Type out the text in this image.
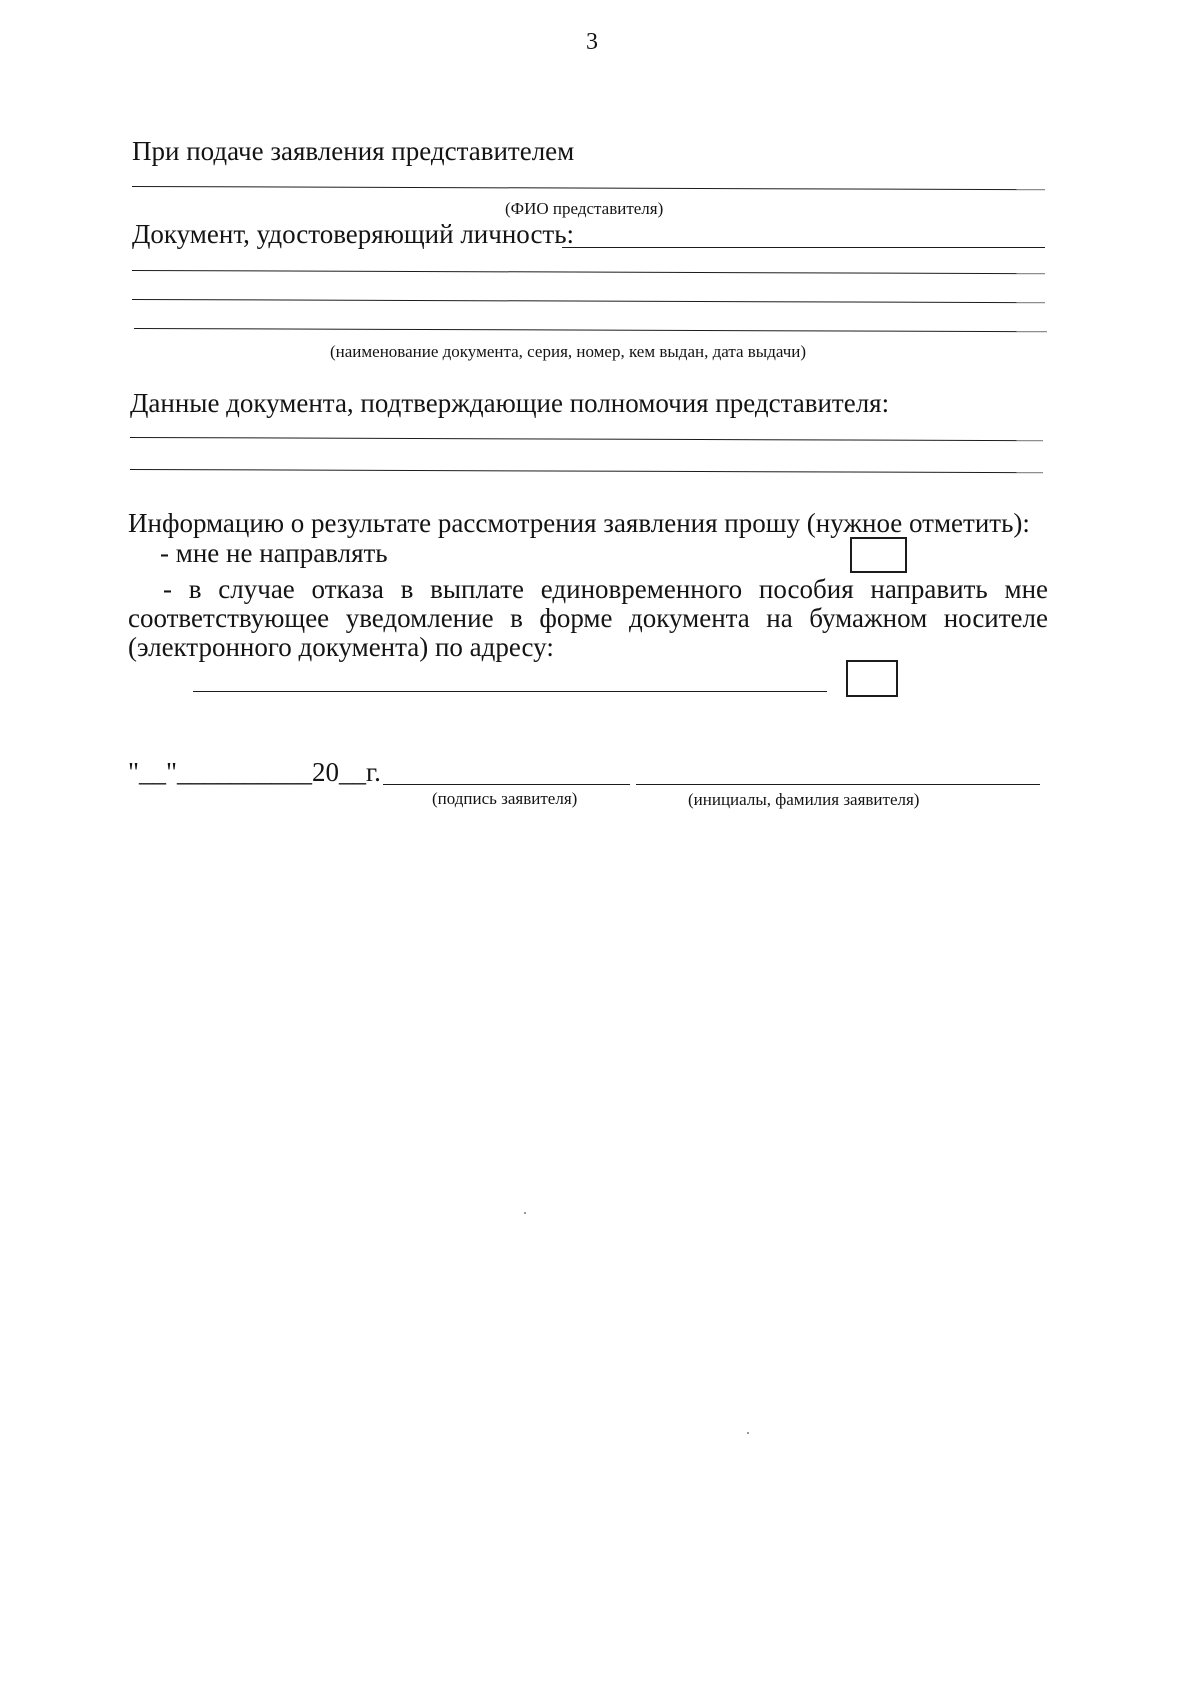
3
При подаче заявления представителем
(ФИО представителя)
Документ, удостоверяющий личность:
(наименование документа, серия, номер, кем выдан, дата выдачи)
Данные документа, подтверждающие полномочия представителя:
Информацию о результате рассмотрения заявления прошу (нужное отметить):
- мне не направлять
- в случае отказа в выплате единовременного пособия направить мне
соответствующее уведомление в форме документа на бумажном носителе
(электронного документа) по адресу:
"__"__________20__г.
(подпись заявителя)	(инициалы, фамилия заявителя)
